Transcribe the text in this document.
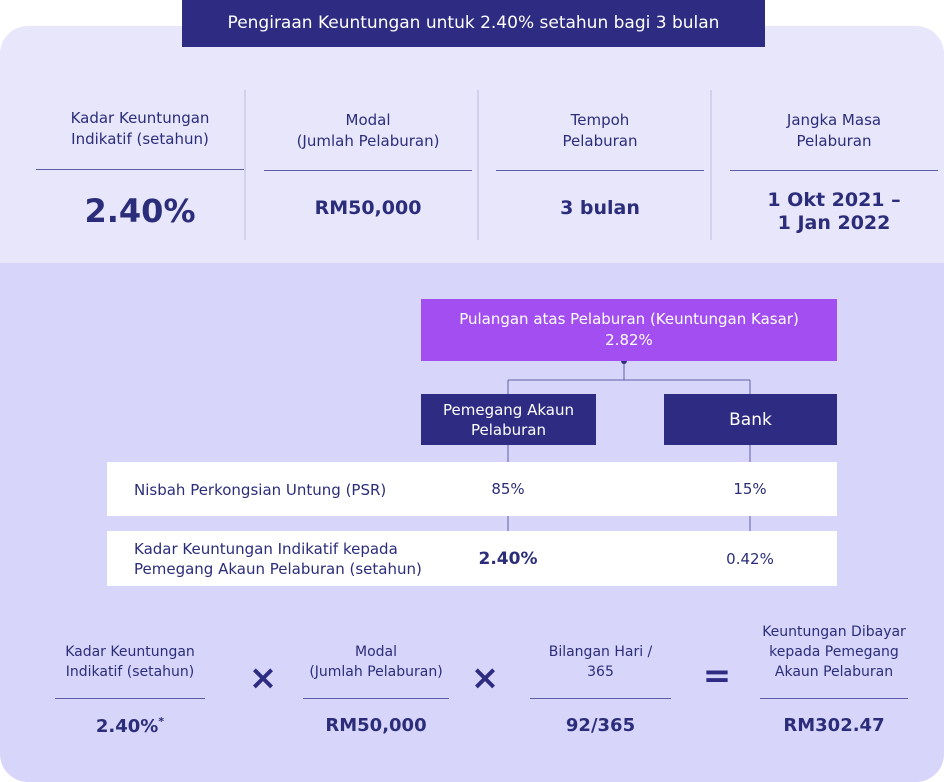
Pengiraan Keuntungan untuk 2.40% setahun bagi 3 bulan
Kadar Keuntungan
Indikatif (setahun)
2.40%
Modal
(Jumlah Pelaburan)
RM50,000
Tempoh
Pelaburan
3 bulan
Jangka Masa
Pelaburan
1 Okt 2021 –
1 Jan 2022
Pulangan atas Pelaburan (Keuntungan Kasar)
2.82%
Pemegang Akaun
Pelaburan	Bank
Nisbah Perkongsian Untung (PSR)	85%	15%
Kadar Keuntungan Indikatif kepada
Pemegang Akaun Pelaburan (setahun)	2.40%	0.42%
Kadar Keuntungan
Indikatif (setahun)
2.40%*
×
Modal
(Jumlah Pelaburan)
RM50,000
×
Bilangan Hari /
365
92/365
=
Keuntungan Dibayar
kepada Pemegang
Akaun Pelaburan
RM302.47
